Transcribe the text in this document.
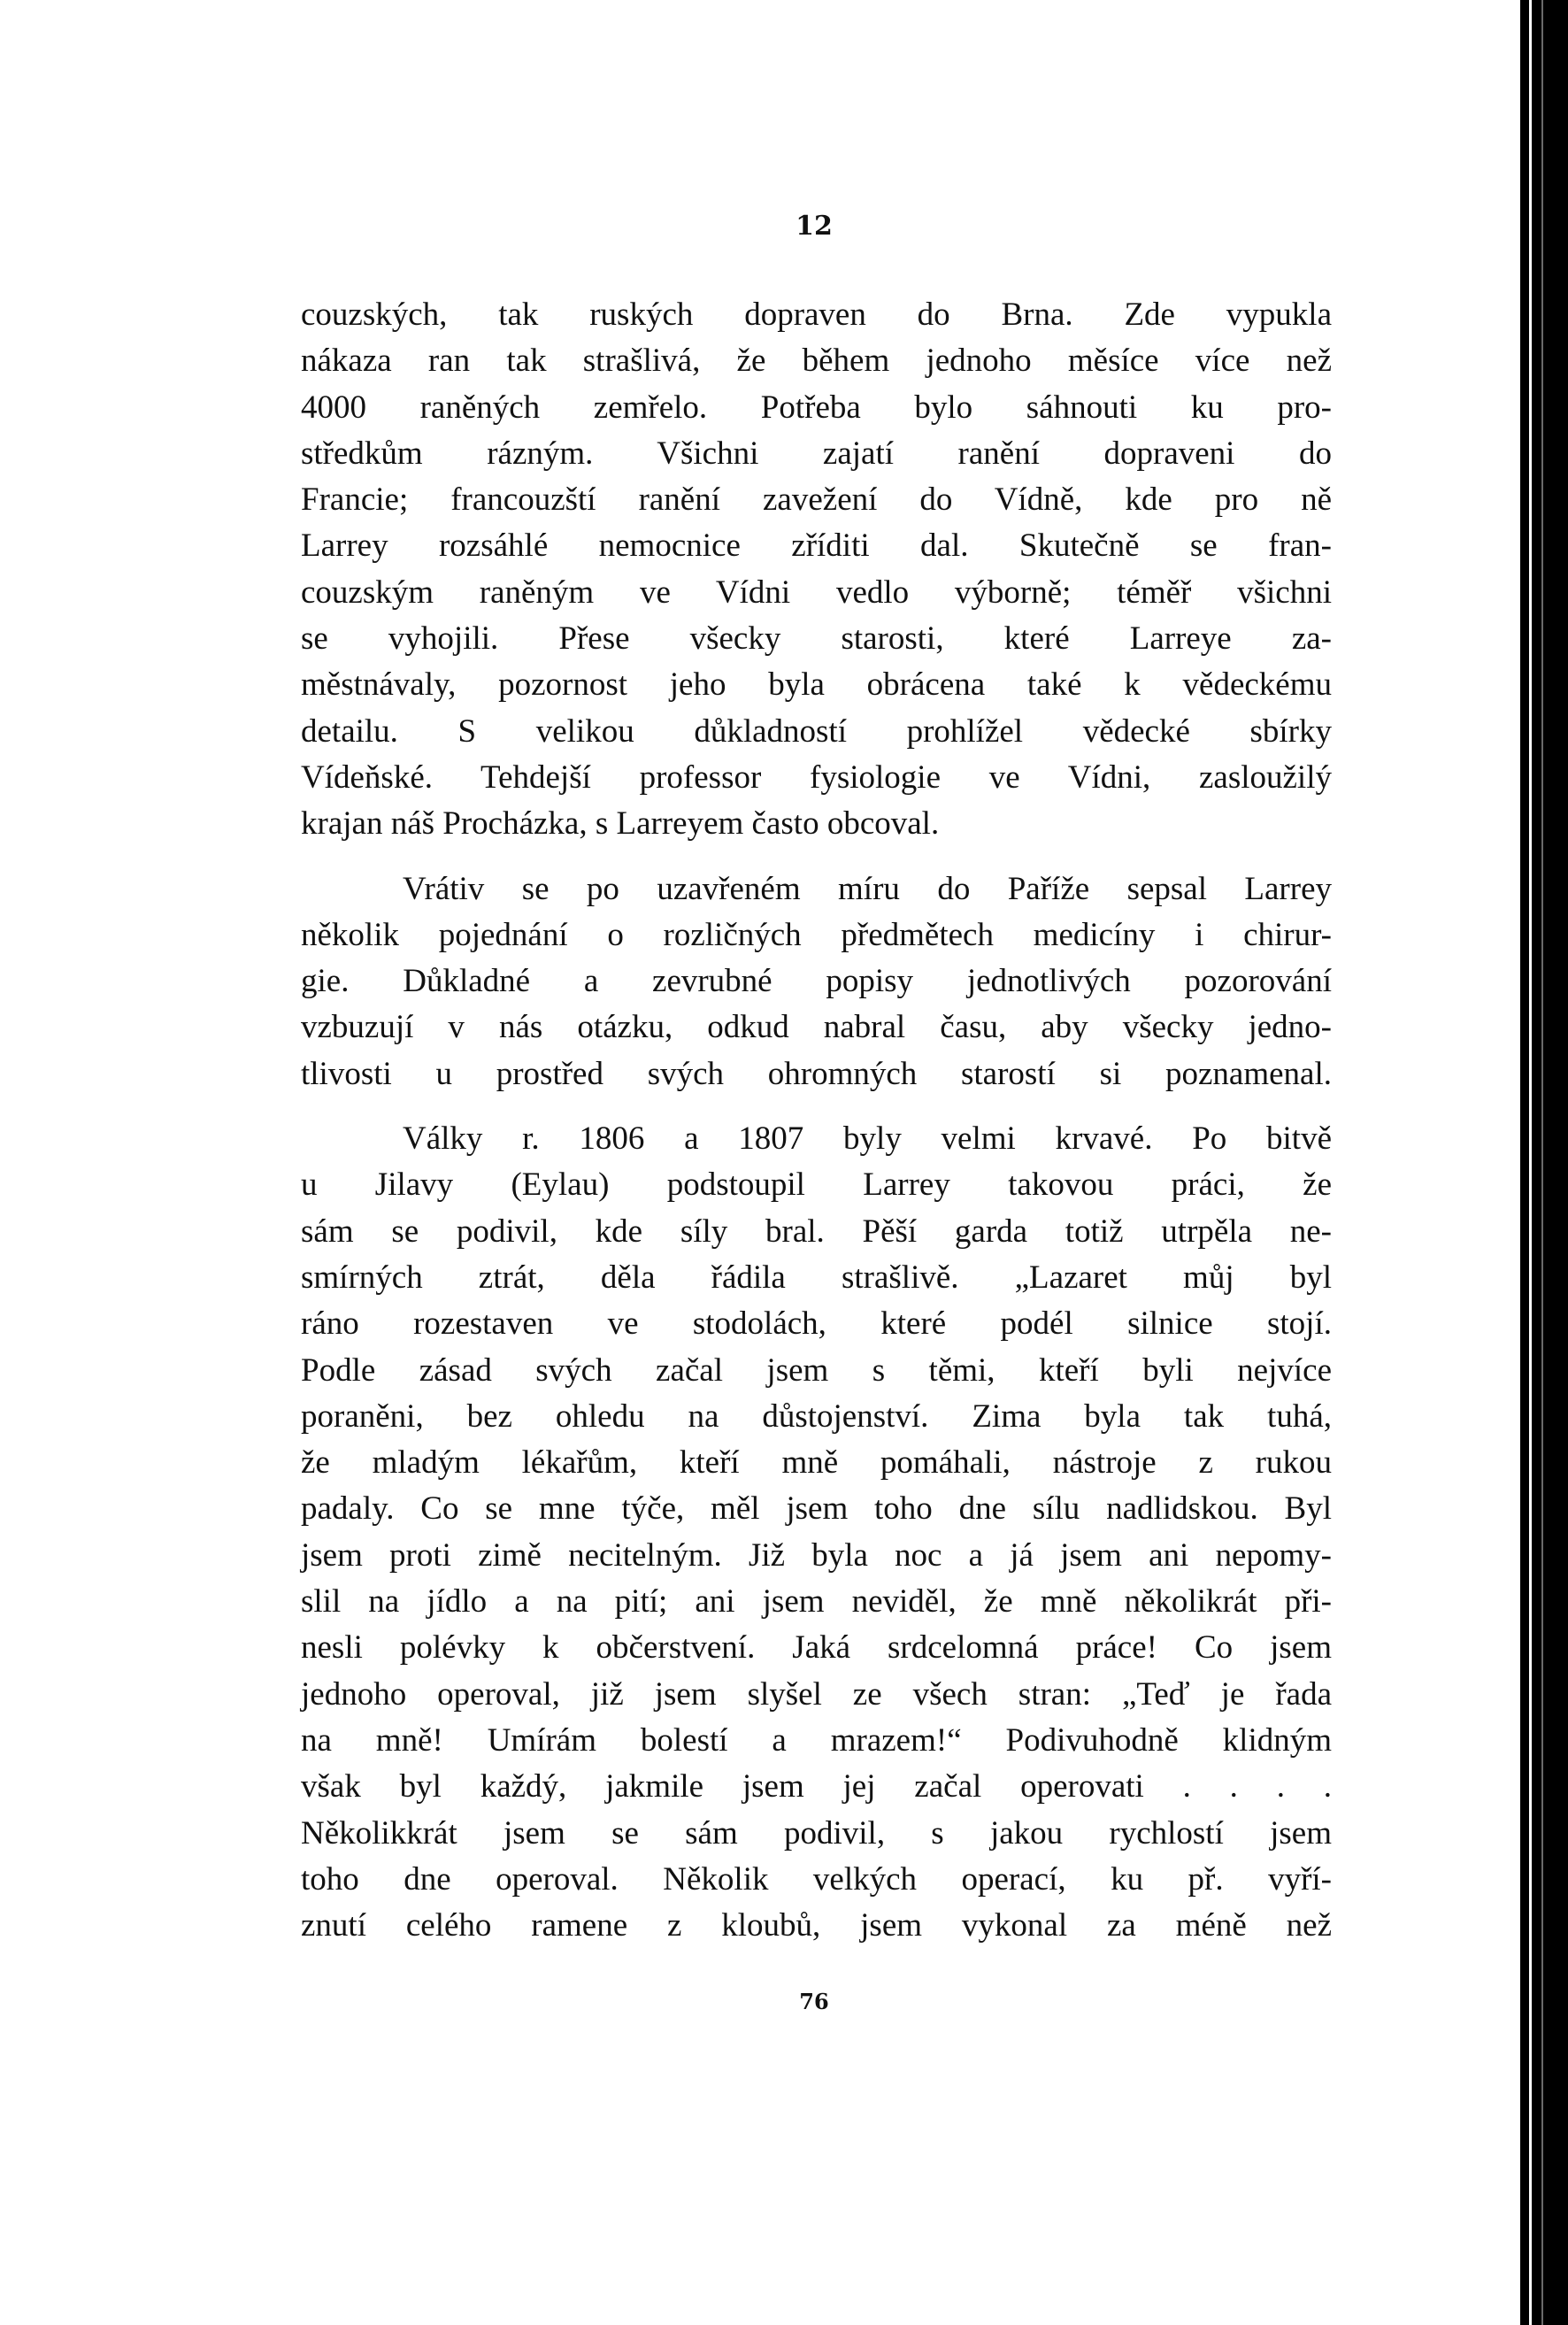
12

couzských, tak ruských dopraven do Brna. Zde vypukla

nákaza ran tak strašlivá, že během jednoho měsíce více než

4000 raněných zemřelo. Potřeba bylo sáhnouti ku pro-

středkům rázným. Všichni zajatí ranění dopraveni do

Francie; francouzští ranění zavežení do Vídně, kde pro ně

Larrey rozsáhlé nemocnice zříditi dal. Skutečně se fran-

couzským raněným ve Vídni vedlo výborně; téměř všichni

se vyhojili. Přese všecky starosti, které Larreye za-

městnávaly, pozornost jeho byla obrácena také k vědeckému

detailu. S velikou důkladností prohlížel vědecké sbírky

Vídeňské. Tehdejší professor fysiologie ve Vídni, zasloužilý

krajan náš Procházka, s Larreyem často obcoval.

Vrátiv se po uzavřeném míru do Paříže sepsal Larrey

několik pojednání o rozličných předmětech medicíny i chirur-

gie. Důkladné a zevrubné popisy jednotlivých pozorování

vzbuzují v nás otázku, odkud nabral času, aby všecky jedno-

tlivosti u prostřed svých ohromných starostí si poznamenal.

Války r. 1806 a 1807 byly velmi krvavé. Po bitvě

u Jilavy (Eylau) podstoupil Larrey takovou práci, že

sám se podivil, kde síly bral. Pěší garda totiž utrpěla ne-

smírných ztrát, děla řádila strašlivě. „Lazaret můj byl

ráno rozestaven ve stodolách, které podél silnice stojí.

Podle zásad svých začal jsem s těmi, kteří byli nejvíce

poraněni, bez ohledu na důstojenství. Zima byla tak tuhá,

že mladým lékařům, kteří mně pomáhali, nástroje z rukou

padaly. Co se mne týče, měl jsem toho dne sílu nadlidskou. Byl

jsem proti zimě necitelným. Již byla noc a já jsem ani nepomy-

slil na jídlo a na pití; ani jsem neviděl, že mně několikrát při-

nesli polévky k občerstvení. Jaká srdcelomná práce! Co jsem

jednoho operoval, již jsem slyšel ze všech stran: „Teď je řada

na mně! Umírám bolestí a mrazem!“ Podivuhodně klidným

však byl každý, jakmile jsem jej začal operovati . . . .

Několikkrát jsem se sám podivil, s jakou rychlostí jsem

toho dne operoval. Několik velkých operací, ku př. vyří-

znutí celého ramene z kloubů, jsem vykonal za méně než

76
